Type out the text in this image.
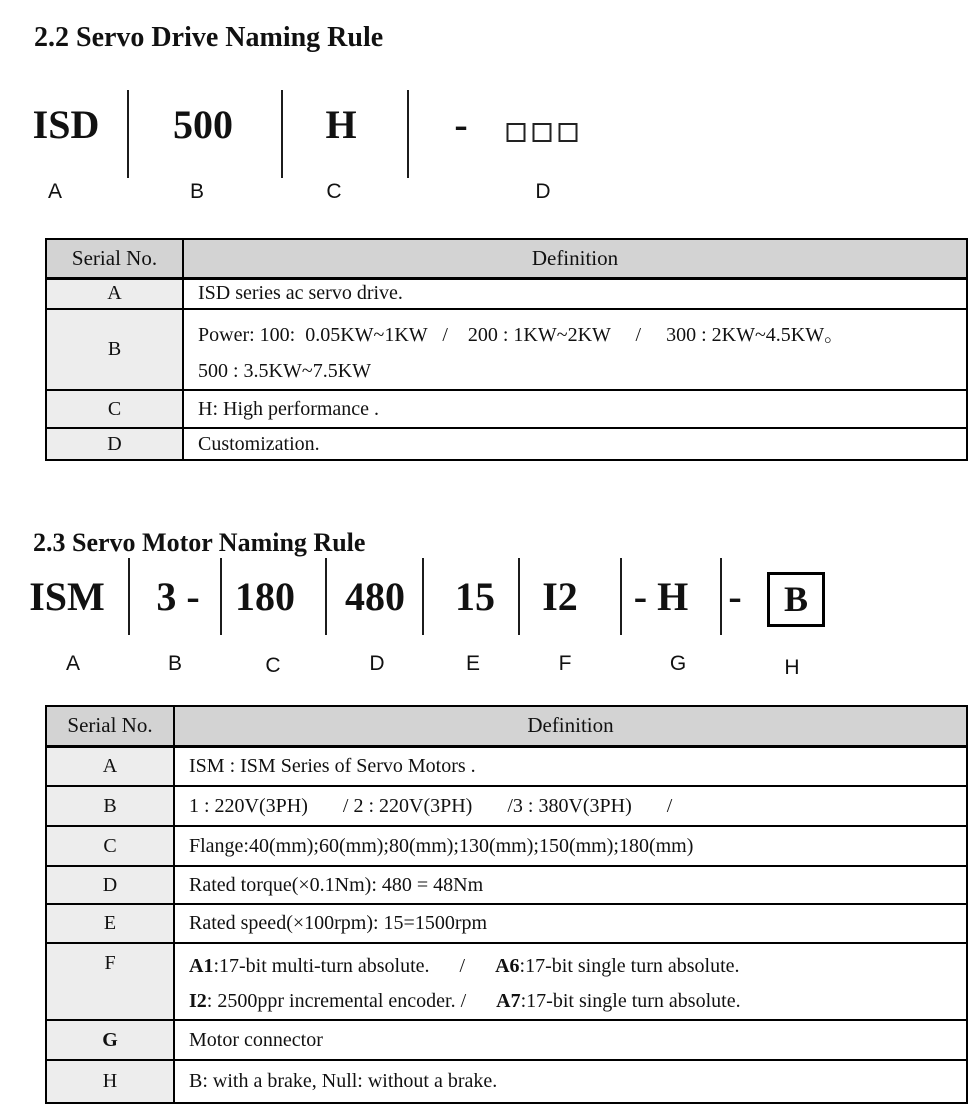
2.2 Servo Drive Naming Rule
ISD 500 H -
A	B	C	D
Serial No.	Definition
A	ISD series ac servo drive.

B	Power: 100:  0.05KW~1KW   /    200 : 1KW~2KW     /     300 : 2KW~4.5KW。
500 : 3.5KW~7.5KW

C	H: High performance .

D	Customization.
2.3 Servo Motor Naming Rule
ISM 3 - 180 480 15 I2 - H -	B
A	B	C	D	E	F	G	H
Serial No.	Definition
A	ISM : ISM Series of Servo Motors .

B	1 : 220V(3PH)       / 2 : 220V(3PH)       /3 : 380V(3PH)       /

C	Flange:40(mm);60(mm);80(mm);130(mm);150(mm);180(mm)

D	Rated torque(×0.1Nm): 480 = 48Nm

E	Rated speed(×100rpm): 15=1500rpm

F	A1:17-bit multi-turn absolute.      /      A6:17-bit single turn absolute.
I2: 2500ppr incremental encoder. /      A7:17-bit single turn absolute.

G	Motor connector

H	B: with a brake, Null: without a brake.
